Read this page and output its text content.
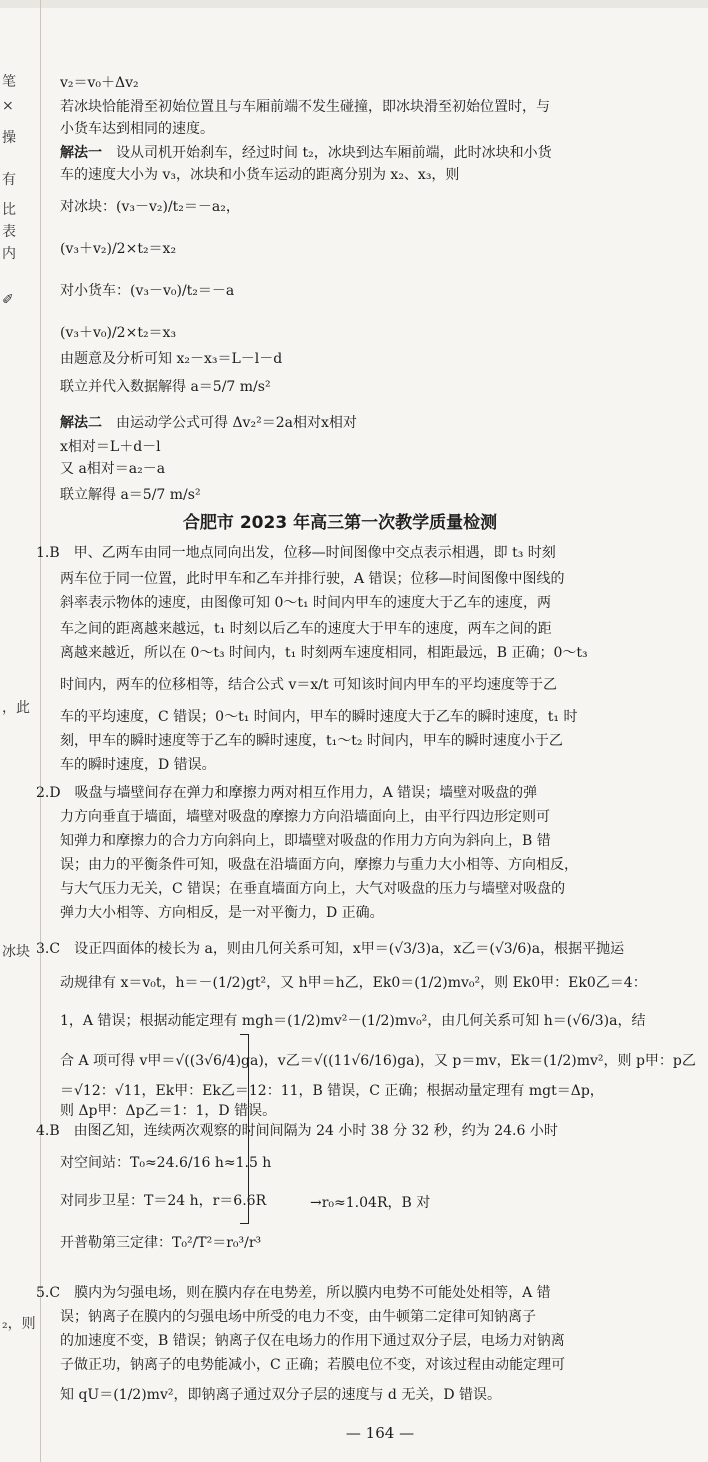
笔
×
操
有
比
表
内
✐
，此
冰块
₂，则
v₂＝v₀＋Δv₂
若冰块恰能滑至初始位置且与车厢前端不发生碰撞，即冰块滑至初始位置时，与
小货车达到相同的速度。
解法一　 设从司机开始刹车，经过时间 t₂，冰块到达车厢前端，此时冰块和小货
车的速度大小为 v₃，冰块和小货车运动的距离分别为 x₂、x₃，则
对冰块：(v₃－v₂)/t₂＝－a₂，
(v₃＋v₂)/2×t₂＝x₂
对小货车：(v₃－v₀)/t₂＝－a
(v₃＋v₀)/2×t₂＝x₃
由题意及分析可知 x₂－x₃＝L－l－d
联立并代入数据解得 a＝5/7 m/s²
解法二　 由运动学公式可得 Δv₂²＝2a相对x相对
x相对＝L＋d－l
又 a相对＝a₂－a
联立解得 a＝5/7 m/s²
合肥市 2023 年高三第一次教学质量检测
1.B　甲、乙两车由同一地点同向出发，位移—时间图像中交点表示相遇，即 t₃ 时刻
两车位于同一位置，此时甲车和乙车并排行驶，A 错误；位移—时间图像中图线的
斜率表示物体的速度，由图像可知 0～t₁ 时间内甲车的速度大于乙车的速度，两
车之间的距离越来越远，t₁ 时刻以后乙车的速度大于甲车的速度，两车之间的距
离越来越近，所以在 0～t₃ 时间内，t₁ 时刻两车速度相同，相距最远，B 正确；0～t₃
时间内，两车的位移相等，结合公式 v＝x/t 可知该时间内甲车的平均速度等于乙
车的平均速度，C 错误；0～t₁ 时间内，甲车的瞬时速度大于乙车的瞬时速度，t₁ 时
刻，甲车的瞬时速度等于乙车的瞬时速度，t₁～t₂ 时间内，甲车的瞬时速度小于乙
车的瞬时速度，D 错误。
2.D　吸盘与墙壁间存在弹力和摩擦力两对相互作用力，A 错误；墙壁对吸盘的弹
力方向垂直于墙面，墙壁对吸盘的摩擦力方向沿墙面向上，由平行四边形定则可
知弹力和摩擦力的合力方向斜向上，即墙壁对吸盘的作用力方向为斜向上，B 错
误；由力的平衡条件可知，吸盘在沿墙面方向，摩擦力与重力大小相等、方向相反，
与大气压力无关，C 错误；在垂直墙面方向上，大气对吸盘的压力与墙壁对吸盘的
弹力大小相等、方向相反，是一对平衡力，D 正确。
3.C　设正四面体的棱长为 a，则由几何关系可知，x甲＝(√3/3)a，x乙＝(√3/6)a，根据平抛运
动规律有 x＝v₀t，h＝－(1/2)gt²，又 h甲＝h乙，Ek0＝(1/2)mv₀²，则 Ek0甲：Ek0乙＝4：
1，A 错误；根据动能定理有 mgh＝(1/2)mv²－(1/2)mv₀²，由几何关系可知 h＝(√6/3)a，结
合 A 项可得 v甲＝√((3√6/4)ga)，v乙＝√((11√6/16)ga)，又 p＝mv，Ek＝(1/2)mv²，则 p甲：p乙
＝√12：√11，Ek甲：Ek乙＝12：11，B 错误，C 正确；根据动量定理有 mgt＝Δp，
则 Δp甲：Δp乙＝1：1，D 错误。
4.B　由图乙知，连续两次观察的时间间隔为 24 小时 38 分 32 秒，约为 24.6 小时
对空间站：T₀≈24.6/16 h≈1.5 h
对同步卫星：T＝24 h，r＝6.6R
开普勒第三定律：T₀²/T²＝r₀³/r³
→r₀≈1.04R，B 对
5.C　膜内为匀强电场，则在膜内存在电势差，所以膜内电势不可能处处相等，A 错
误；钠离子在膜内的匀强电场中所受的电力不变，由牛顿第二定律可知钠离子
的加速度不变，B 错误；钠离子仅在电场力的作用下通过双分子层，电场力对钠离
子做正功，钠离子的电势能减小，C 正确；若膜电位不变，对该过程由动能定理可
知 qU＝(1/2)mv²，即钠离子通过双分子层的速度与 d 无关，D 错误。
— 164 —
